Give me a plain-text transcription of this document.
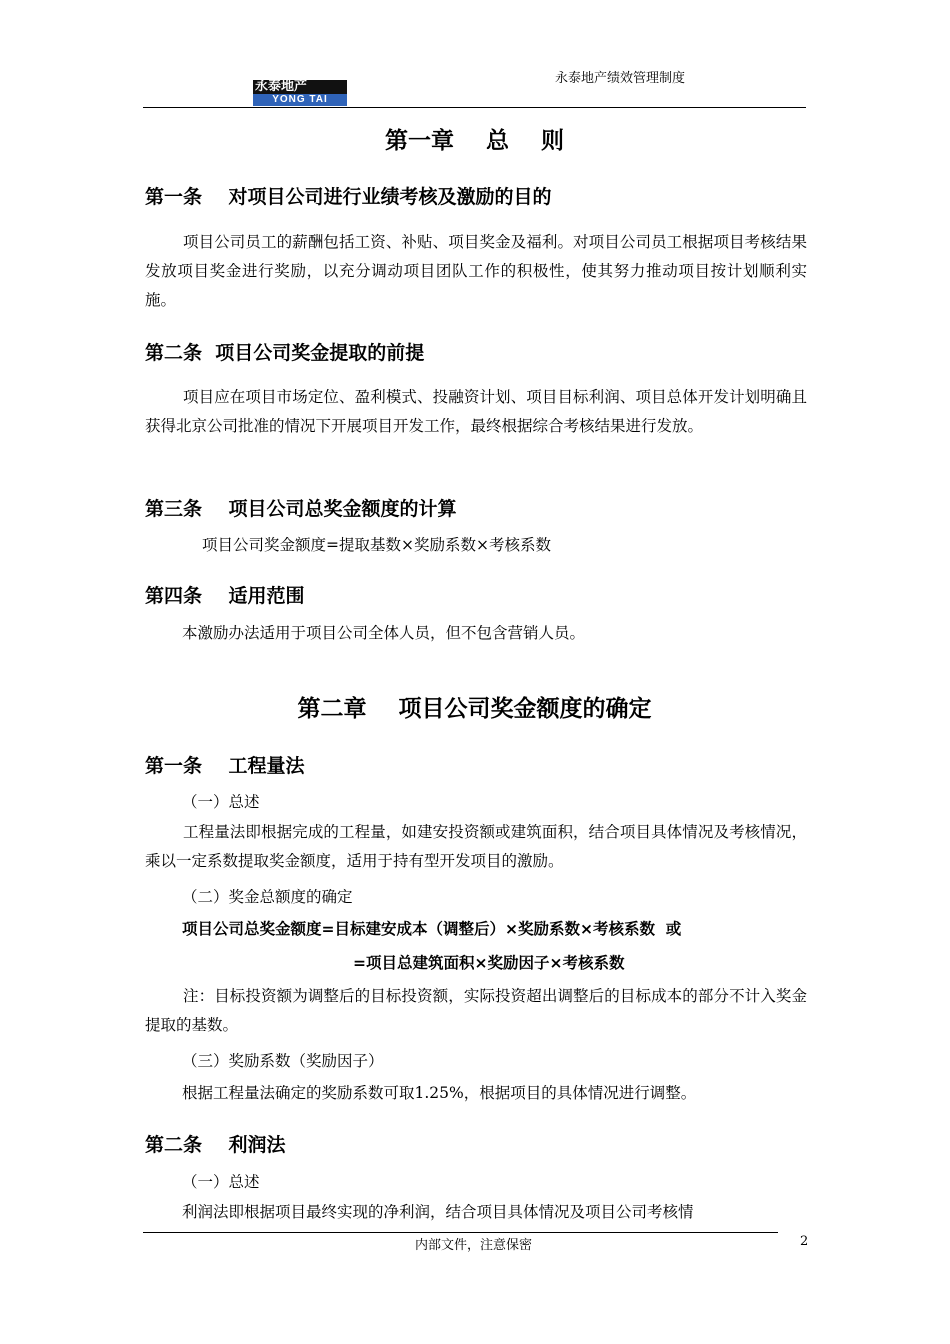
永泰地产
YONG TAI
永泰地产绩效管理制度
第一章    总    则
第一条    对项目公司进行业绩考核及激励的目的
项目公司员工的薪酬包括工资、补贴、项目奖金及福利。对项目公司员工根据项目考核结果发放项目奖金进行奖励，以充分调动项目团队工作的积极性，使其努力推动项目按计划顺利实施。
第二条  项目公司奖金提取的前提
项目应在项目市场定位、盈利模式、投融资计划、项目目标利润、项目总体开发计划明确且获得北京公司批准的情况下开展项目开发工作，最终根据综合考核结果进行发放。
第三条    项目公司总奖金额度的计算
项目公司奖金额度=提取基数×奖励系数×考核系数
第四条    适用范围
本激励办法适用于项目公司全体人员，但不包含营销人员。
第二章    项目公司奖金额度的确定
第一条    工程量法
（一）总述
工程量法即根据完成的工程量，如建安投资额或建筑面积，结合项目具体情况及考核情况，乘以一定系数提取奖金额度，适用于持有型开发项目的激励。
（二）奖金总额度的确定
项目公司总奖金额度=目标建安成本（调整后）×奖励系数×考核系数  或
=项目总建筑面积×奖励因子×考核系数
注：目标投资额为调整后的目标投资额，实际投资超出调整后的目标成本的部分不计入奖金提取的基数。
（三）奖励系数（奖励因子）
根据工程量法确定的奖励系数可取1.25%，根据项目的具体情况进行调整。
第二条    利润法
（一）总述
利润法即根据项目最终实现的净利润，结合项目具体情况及项目公司考核情
内部文件，注意保密	2
